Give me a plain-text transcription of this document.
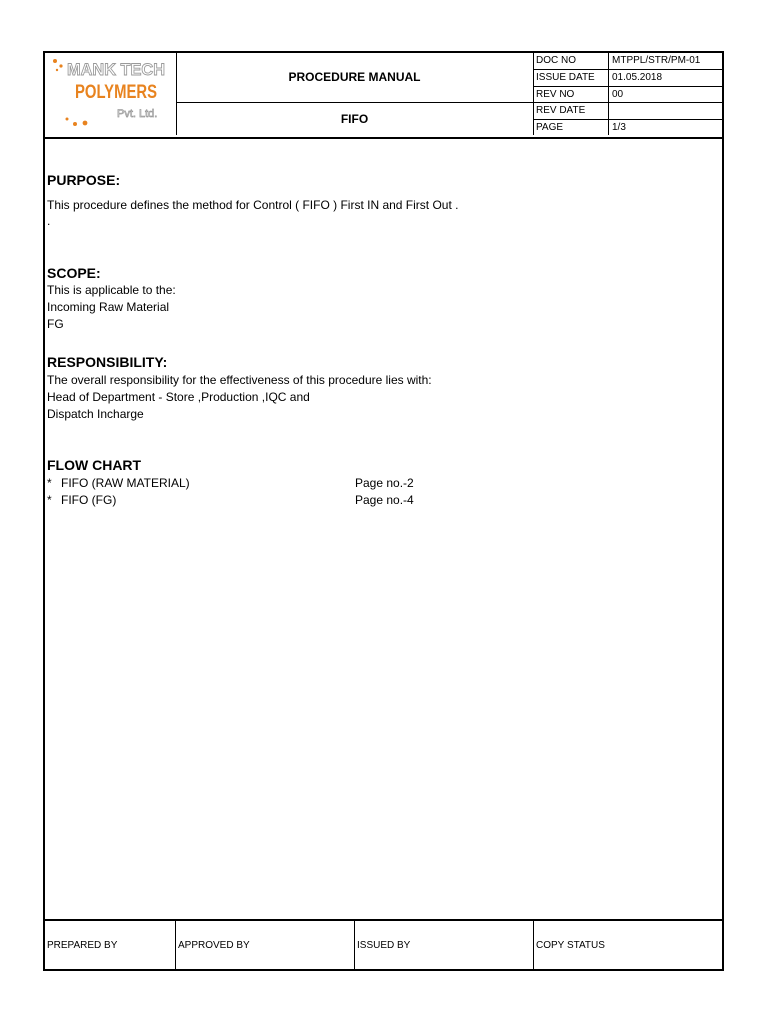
MANK TECH
POLYMERS
Pvt. Ltd.
PROCEDURE MANUAL
FIFO
DOC NO	MTPPL/STR/PM-01
ISSUE DATE	01.05.2018
REV NO	00
REV DATE
PAGE	1/3
PURPOSE:
This procedure defines the method for Control ( FIFO ) First IN and First Out .
.
SCOPE:
This is applicable to the:
Incoming Raw Material
FG
RESPONSIBILITY:
The overall responsibility for the effectiveness of this procedure lies with:
Head of Department - Store ,Production ,IQC and
Dispatch Incharge
FLOW CHART
* FIFO (RAW MATERIAL)	Page no.-2
* FIFO (FG)	Page no.-4
PREPARED BY	APPROVED BY	ISSUED BY	COPY STATUS
